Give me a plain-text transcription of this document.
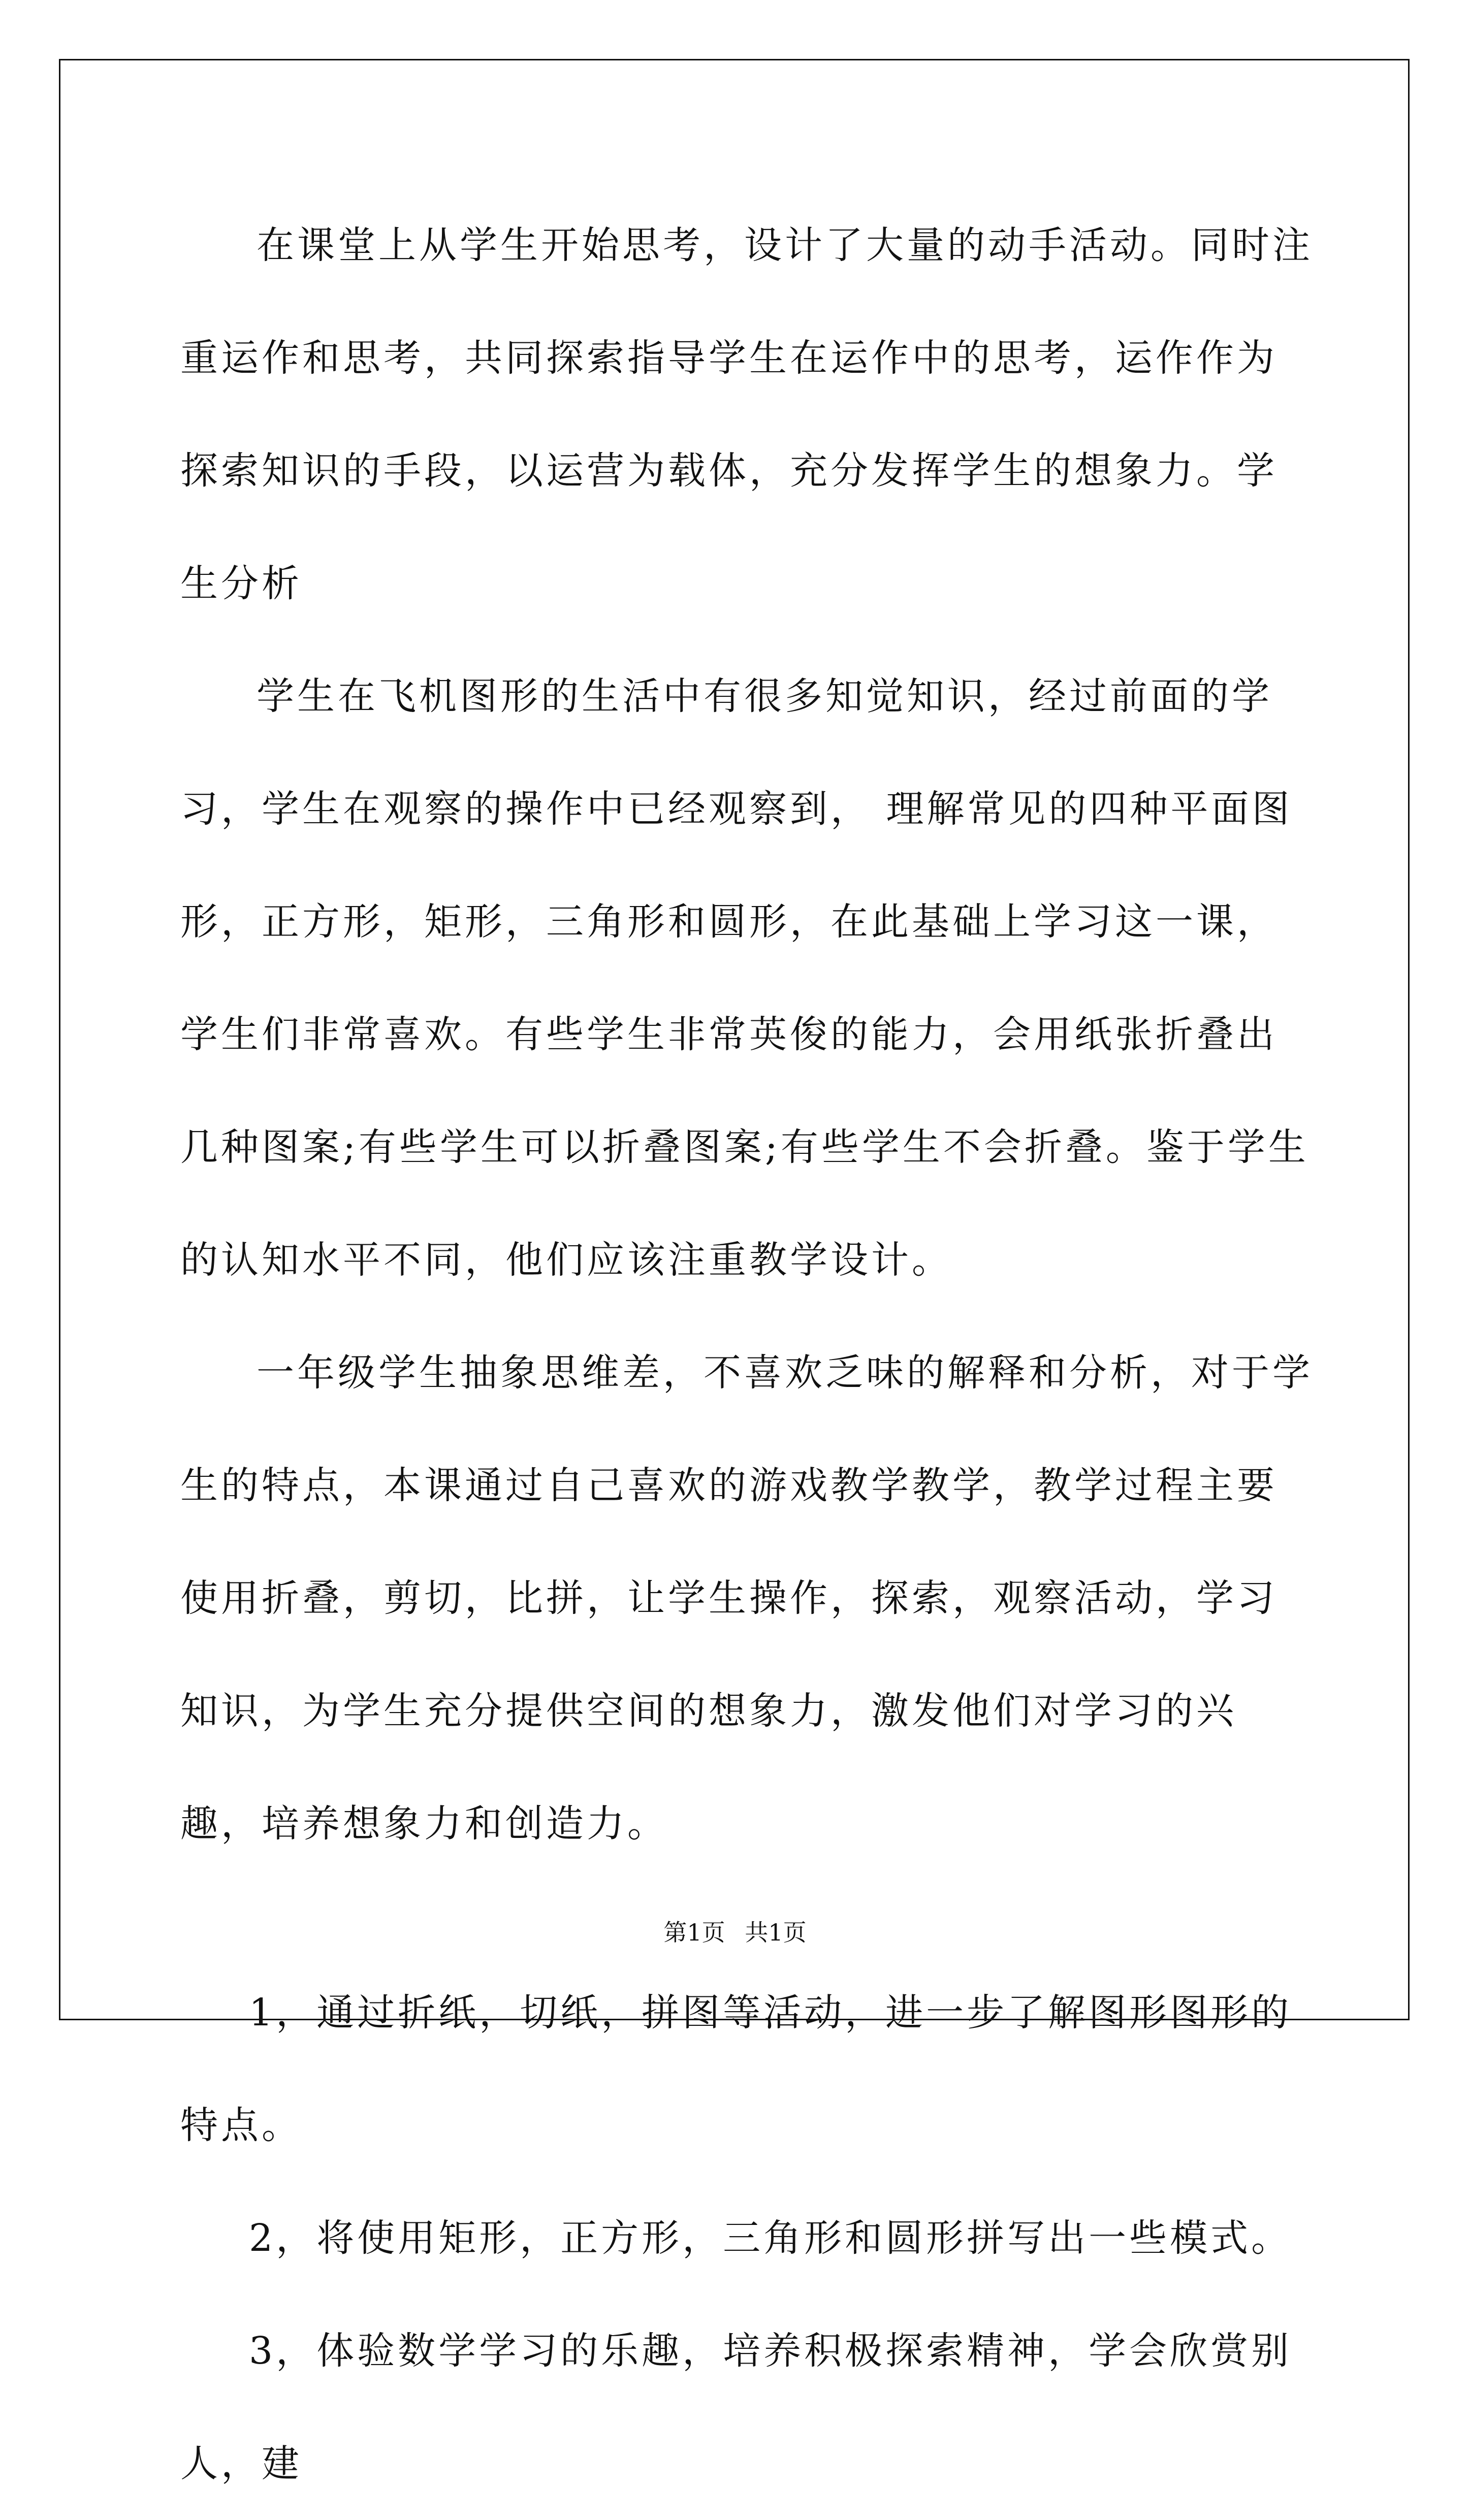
在课堂上从学生开始思考，设计了大量的动手活动。同时注重运作和思考，共同探索指导学生在运作中的思考，运作作为探索知识的手段，以运营为载体，充分发挥学生的想象力。学生分析

学生在飞机图形的生活中有很多知觉知识，经过前面的学习，学生在观察的操作中已经观察到， 理解常见的四种平面图形，正方形，矩形，三角形和圆形，在此基础上学习这一课，学生们非常喜欢。有些学生非常英俊的能力，会用纸张折叠出几种图案;有些学生可以折叠图案;有些学生不会折叠。鉴于学生的认知水平不同，他们应该注重教学设计。

一年级学生抽象思维差，不喜欢乏味的解释和分析，对于学生的特点，本课通过自己喜欢的游戏教学教学，教学过程主要使用折叠，剪切，比拼，让学生操作，探索，观察活动，学习知识，为学生充分提供空间的想象力，激发他们对学习的兴趣，培养想象力和创造力。

1，通过折纸，切纸，拼图等活动，进一步了解图形图形的特点。

2，将使用矩形，正方形，三角形和圆形拼写出一些模式。

3，体验数学学习的乐趣，培养积极探索精神，学会欣赏别人，建

第1页 共1页
